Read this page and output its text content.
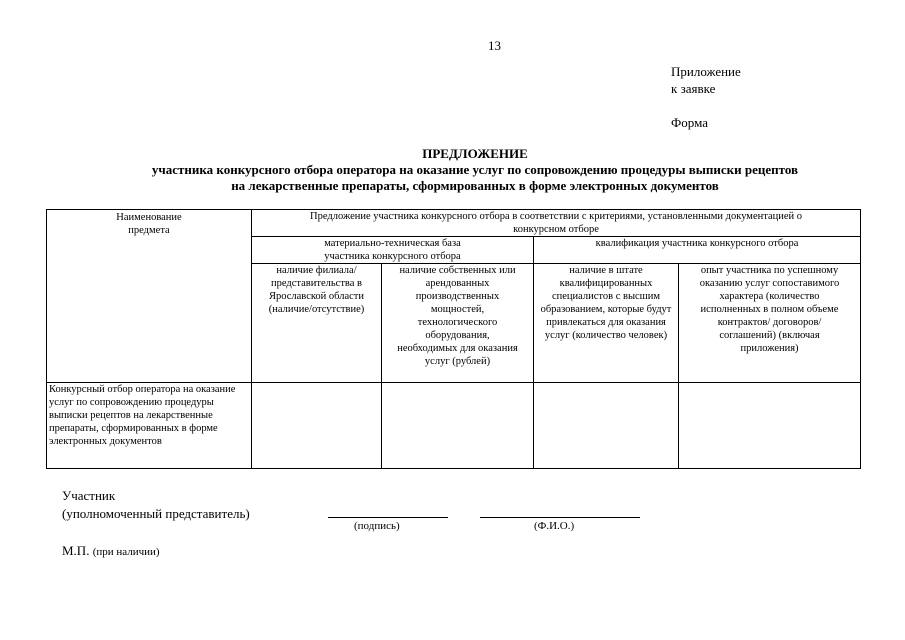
13
Приложение
к заявке
Форма
ПРЕДЛОЖЕНИЕ
участника конкурсного отбора оператора на оказание услуг по сопровождению процедуры выписки рецептов
на лекарственные препараты, сформированных в форме электронных документов
Наименование предмета	Предложение участника конкурсного отбора в соответствии с критериями, установленными документацией о конкурсном отборе			
	материально-техническая база участника конкурсного отбора		квалификация участника конкурсного отбора	
	наличие филиала/ представительства в Ярославской области (наличие/отсутствие)	наличие собственных или арендованных производственных мощностей, технологического оборудования, необходимых для оказания услуг (рублей)	наличие в штате квалифицированных специалистов с высшим образованием, которые будут привлекаться для оказания услуг (количество человек)	опыт участника по успешному оказанию услуг сопоставимого характера (количество исполненных в полном объеме контрактов/ договоров/соглашений) (включая приложения)
Конкурсный отбор оператора на оказание услуг по сопровождению процедуры выписки рецептов на лекарственные препараты, сформированных в форме электронных документов				
Участник
(уполномоченный представитель)
(подпись)	(Ф.И.О.)
М.П. (при наличии)
